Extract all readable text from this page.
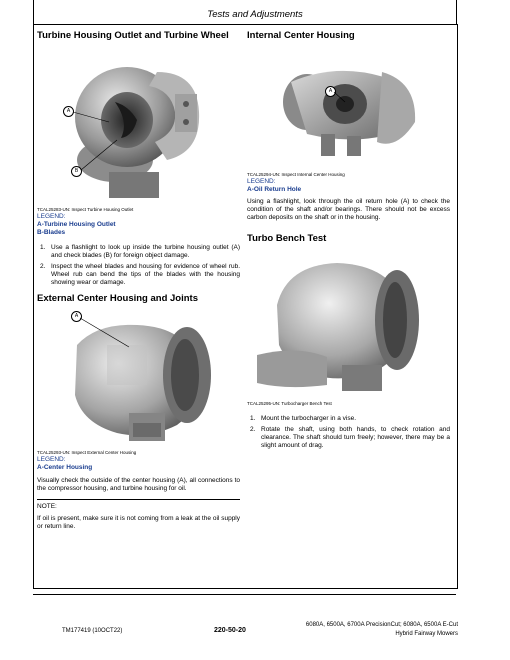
Tests and Adjustments
Turbine Housing Outlet and Turbine Wheel
A
B
TCAL25283-UN: Inspect Turbine Housing Outlet
LEGEND:
A-Turbine Housing Outlet
B-Blades
1. Use a flashlight to look up inside the turbine housing outlet (A) and check blades (B) for foreign object damage.
2. Inspect the wheel blades and housing for evidence of wheel rub. Wheel rub can bend the tips of the blades with the housing showing wear or damage.
External Center Housing and Joints
A
TCAL25293-UN: Inspect External Center Housing
LEGEND:
A-Center Housing

Visually check the outside of the center housing (A), all connections to the compressor housing, and turbine housing for oil.

NOTE:

If oil is present, make sure it is not coming from a leak at the oil supply or return line.

Internal Center Housing
A
TCAL25294-UN: Inspect Internal Center Housing
LEGEND:
A-Oil Return Hole

Using a flashlight, look through the oil return hole (A) to check the condition of the shaft and/or bearings. There should not be excess carbon deposits on the shaft or in the housing.

Turbo Bench Test
TCAL25295-UN: Turbocharger Bench Test
1. Mount the turbocharger in a vise.
2. Rotate the shaft, using both hands, to check rotation and clearance. The shaft should turn freely; however, there may be a slight amount of drag.
TM177419 (10OCT22)	220-50-20
6080A, 6500A, 6700A PrecisionCut; 6080A, 6500A E-Cut
Hybrid Fairway Mowers
